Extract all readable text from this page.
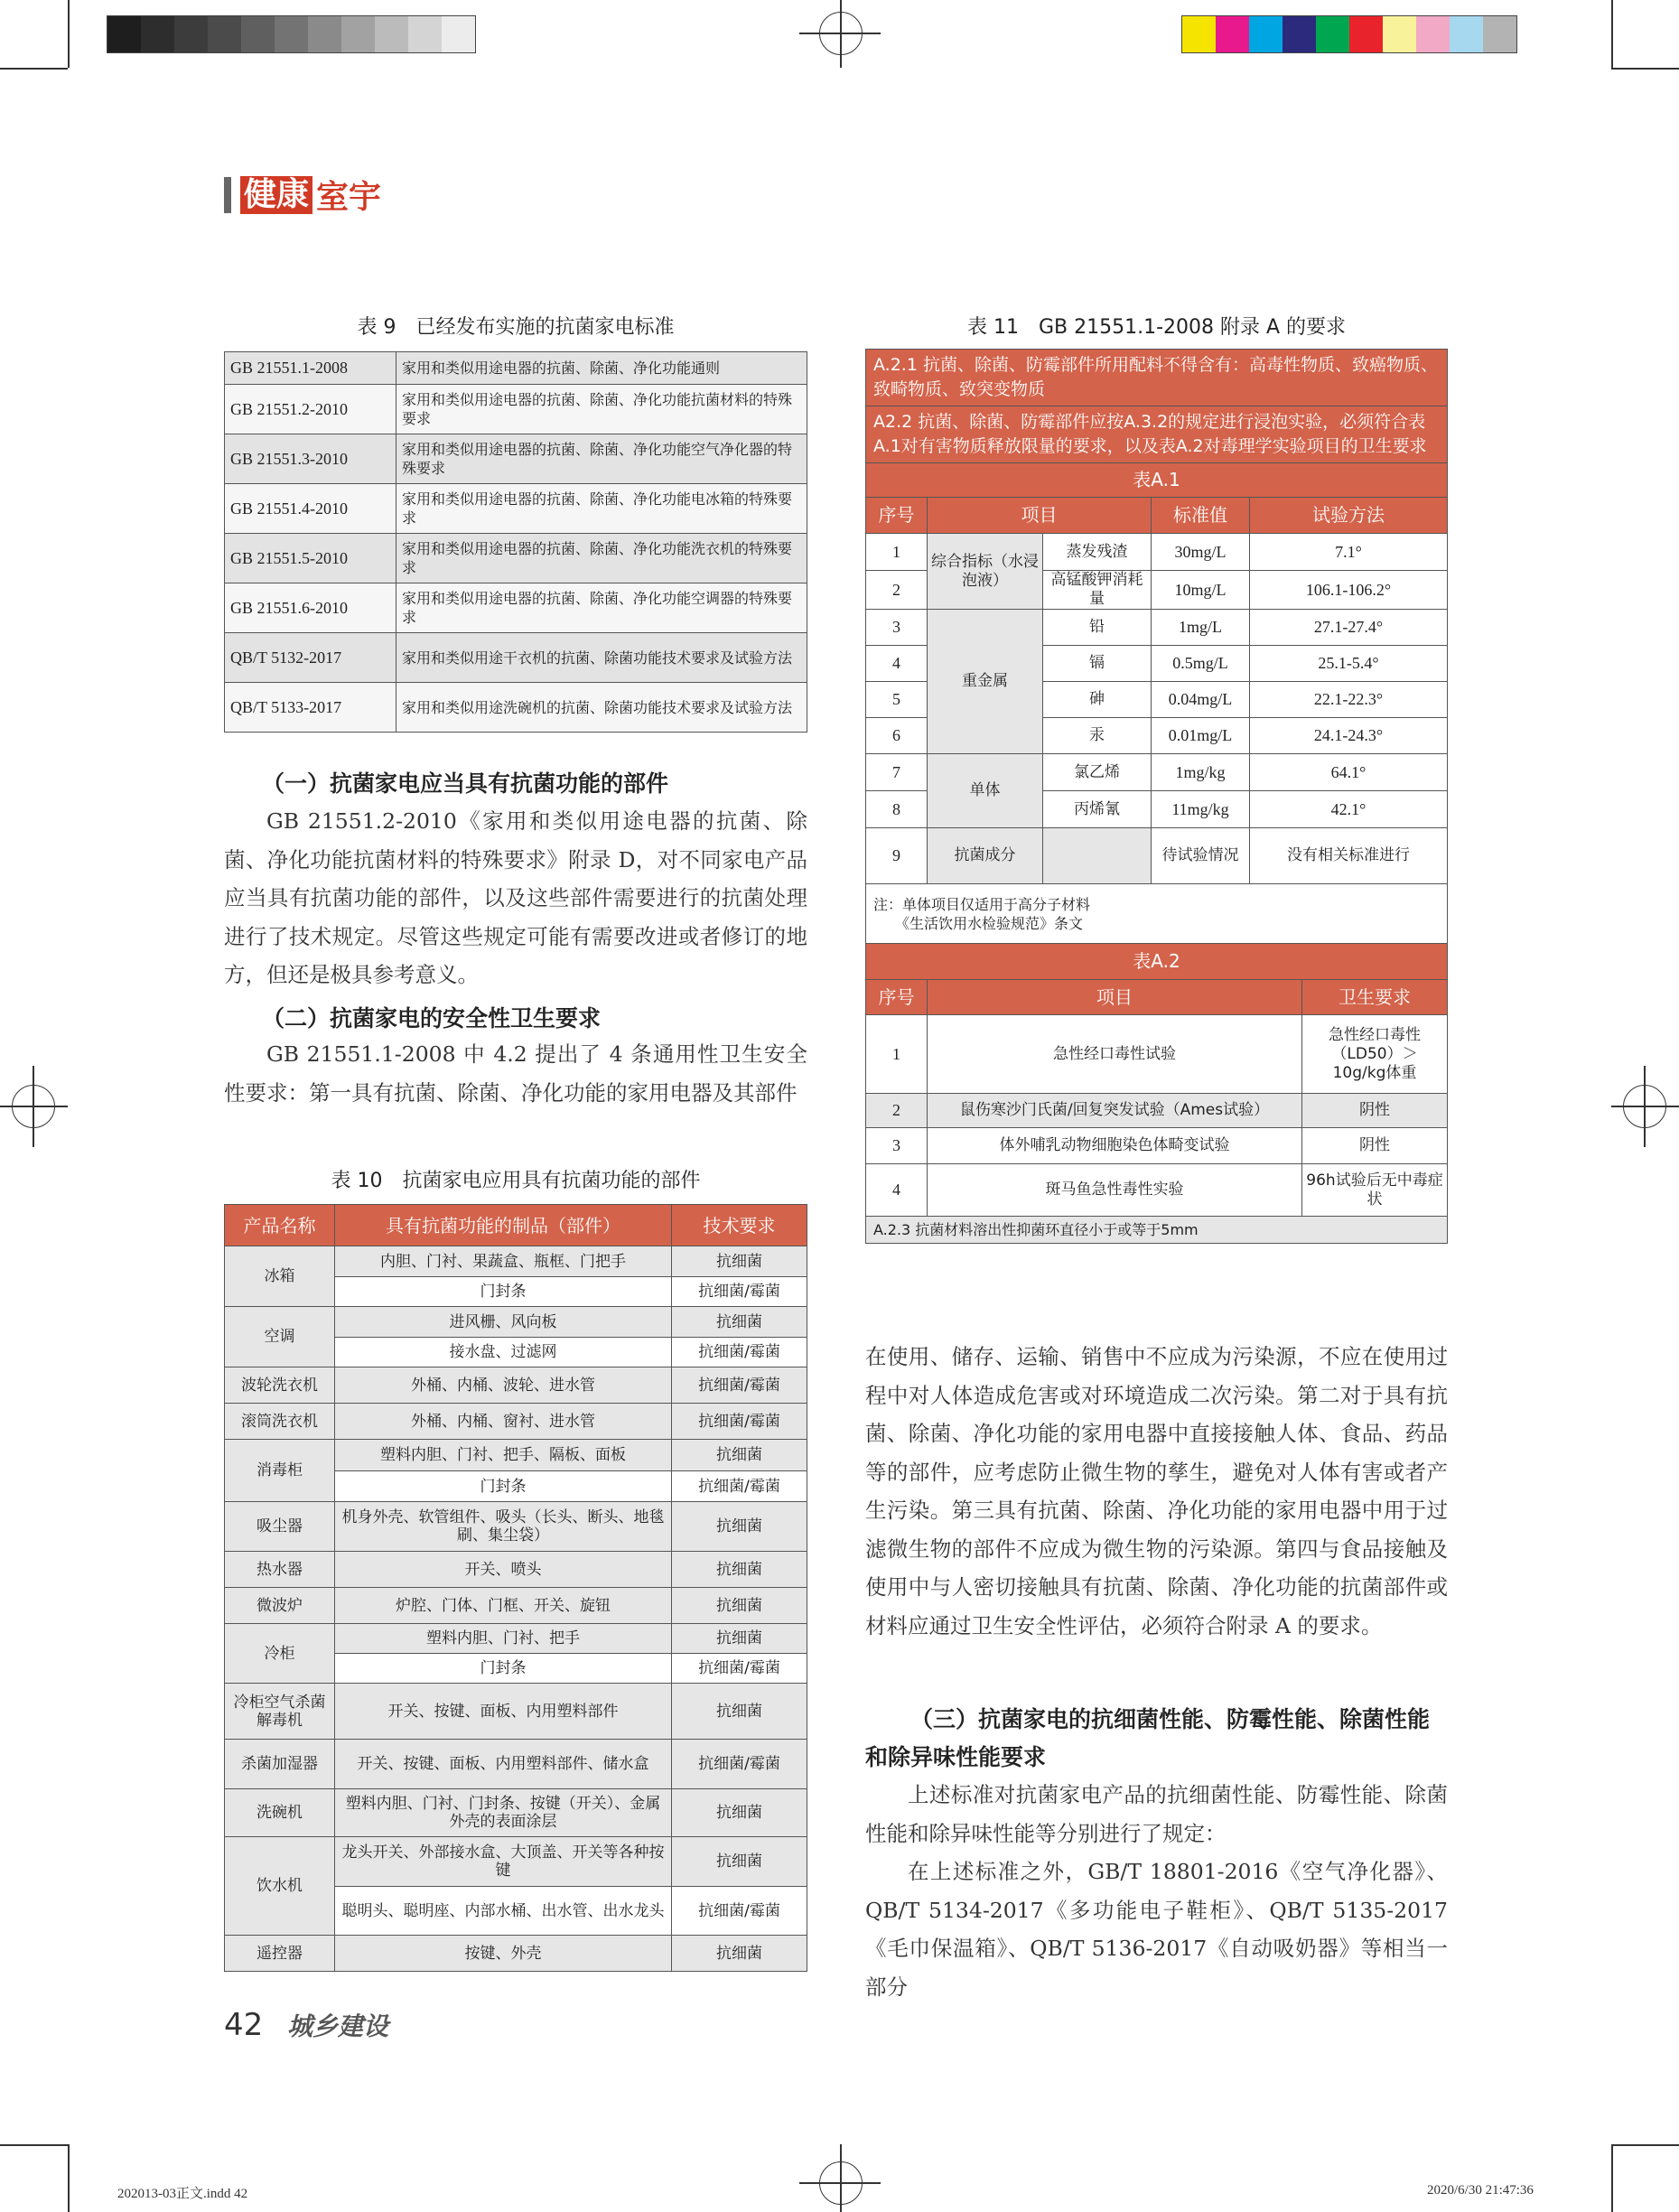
健康 室宇
表 9　已经发布实施的抗菌家电标准
GB 21551.1-2008	家用和类似用途电器的抗菌、除菌、净化功能通则
GB 21551.2-2010	家用和类似用途电器的抗菌、除菌、净化功能抗菌材料的特殊要求
GB 21551.3-2010	家用和类似用途电器的抗菌、除菌、净化功能空气净化器的特殊要求
GB 21551.4-2010	家用和类似用途电器的抗菌、除菌、净化功能电冰箱的特殊要求
GB 21551.5-2010	家用和类似用途电器的抗菌、除菌、净化功能洗衣机的特殊要求
GB 21551.6-2010	家用和类似用途电器的抗菌、除菌、净化功能空调器的特殊要求
QB/T 5132-2017	家用和类似用途干衣机的抗菌、除菌功能技术要求及试验方法
QB/T 5133-2017	家用和类似用途洗碗机的抗菌、除菌功能技术要求及试验方法
（一）抗菌家电应当具有抗菌功能的部件

GB 21551.2-2010《家用和类似用途电器的抗菌、除菌、净化功能抗菌材料的特殊要求》附录 D，对不同家电产品应当具有抗菌功能的部件，以及这些部件需要进行的抗菌处理进行了技术规定。尽管这些规定可能有需要改进或者修订的地方，但还是极具参考意义。

（二）抗菌家电的安全性卫生要求

GB 21551.1-2008 中 4.2 提出了 4 条通用性卫生安全性要求：第一具有抗菌、除菌、净化功能的家用电器及其部件

表 10　抗菌家电应用具有抗菌功能的部件
产品名称	具有抗菌功能的制品（部件）	技术要求
冰箱	内胆、门衬、果蔬盒、瓶框、门把手	抗细菌
	门封条	抗细菌/霉菌
空调	进风栅、风向板	抗细菌
	接水盘、过滤网	抗细菌/霉菌
波轮洗衣机	外桶、内桶、波轮、进水管	抗细菌/霉菌
滚筒洗衣机	外桶、内桶、窗衬、进水管	抗细菌/霉菌
消毒柜	塑料内胆、门衬、把手、隔板、面板	抗细菌
	门封条	抗细菌/霉菌
吸尘器	机身外壳、软管组件、吸头（长头、断头、地毯刷、集尘袋）	抗细菌
热水器	开关、喷头	抗细菌
微波炉	炉腔、门体、门框、开关、旋钮	抗细菌
冷柜	塑料内胆、门衬、把手	抗细菌
	门封条	抗细菌/霉菌
冷柜空气杀菌解毒机	开关、按键、面板、内用塑料部件	抗细菌
杀菌加湿器	开关、按键、面板、内用塑料部件、储水盒	抗细菌/霉菌
洗碗机	塑料内胆、门衬、门封条、按键（开关）、金属外壳的表面涂层	抗细菌
饮水机	龙头开关、外部接水盒、大顶盖、开关等各种按键	抗细菌
	聪明头、聪明座、内部水桶、出水管、出水龙头	抗细菌/霉菌
遥控器	按键、外壳	抗细菌
表 11　GB 21551.1-2008 附录 A 的要求
A.2.1 抗菌、除菌、防霉部件所用配料不得含有：高毒性物质、致癌物质、致畸物质、致突变物质					
A2.2 抗菌、除菌、防霉部件应按A.3.2的规定进行浸泡实验，必须符合表A.1对有害物质释放限量的要求，以及表A.2对毒理学实验项目的卫生要求					
表A.1					
序号	项目		标准值	试验方法	
1	综合指标（水浸泡液）	蒸发残渣	30mg/L	7.1°	
2		高锰酸钾消耗量	10mg/L	106.1-106.2°	
3	重金属	铅	1mg/L	27.1-27.4°	
4		镉	0.5mg/L	25.1-5.4°	
5		砷	0.04mg/L	22.1-22.3°	
6		汞	0.01mg/L	24.1-24.3°	
7	单体	氯乙烯	1mg/kg	64.1°	
8		丙烯氰	11mg/kg	42.1°	
9	抗菌成分		待试验情况	没有相关标准进行	

注：单体项目仅适用于高分子材料
　　《生活饮用水检验规范》条文					

表A.2					
序号	项目				卫生要求
1	急性经口毒性试验				急性经口毒性（LD50）＞10g/kg体重
2	鼠伤寒沙门氏菌/回复突发试验（Ames试验）				阴性
3	体外哺乳动物细胞染色体畸变试验				阴性
4	斑马鱼急性毒性实验				96h试验后无中毒症状
A.2.3 抗菌材料溶出性抑菌环直径小于或等于5mm					

在使用、储存、运输、销售中不应成为污染源，不应在使用过程中对人体造成危害或对环境造成二次污染。第二对于具有抗菌、除菌、净化功能的家用电器中直接接触人体、食品、药品等的部件，应考虑防止微生物的孳生，避免对人体有害或者产生污染。第三具有抗菌、除菌、净化功能的家用电器中用于过滤微生物的部件不应成为微生物的污染源。第四与食品接触及使用中与人密切接触具有抗菌、除菌、净化功能的抗菌部件或材料应通过卫生安全性评估，必须符合附录 A 的要求。

（三）抗菌家电的抗细菌性能、防霉性能、除菌性能和除异味性能要求

上述标准对抗菌家电产品的抗细菌性能、防霉性能、除菌性能和除异味性能等分别进行了规定：

在上述标准之外，GB/T 18801-2016《空气净化器》、QB/T 5134-2017《多功能电子鞋柜》、QB/T 5135-2017《毛巾保温箱》、QB/T 5136-2017《自动吸奶器》等相当一部分

42 城乡建设
202013-03正文.indd 42	2020/6/30 21:47:36
